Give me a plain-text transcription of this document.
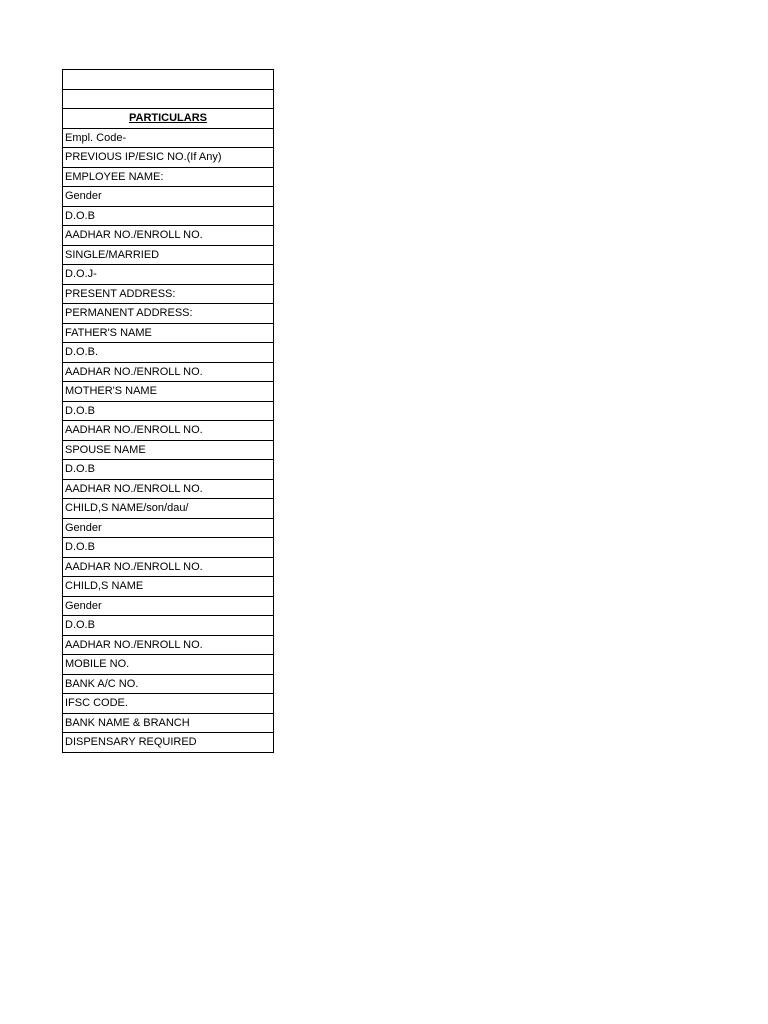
PARTICULARS
Empl. Code-
PREVIOUS IP/ESIC NO.(If Any)
EMPLOYEE NAME:
Gender
D.O.B
AADHAR NO./ENROLL NO.
SINGLE/MARRIED
D.O.J-
PRESENT ADDRESS:
PERMANENT ADDRESS:
FATHER'S NAME
D.O.B.
AADHAR NO./ENROLL NO.
MOTHER'S NAME
D.O.B
AADHAR NO./ENROLL NO.
SPOUSE NAME
D.O.B
AADHAR NO./ENROLL NO.
CHILD,S NAME/son/dau/
Gender
D.O.B
AADHAR NO./ENROLL NO.
CHILD,S NAME
Gender
D.O.B
AADHAR NO./ENROLL NO.
MOBILE NO.
BANK A/C NO.
IFSC CODE.
BANK NAME & BRANCH
DISPENSARY REQUIRED
